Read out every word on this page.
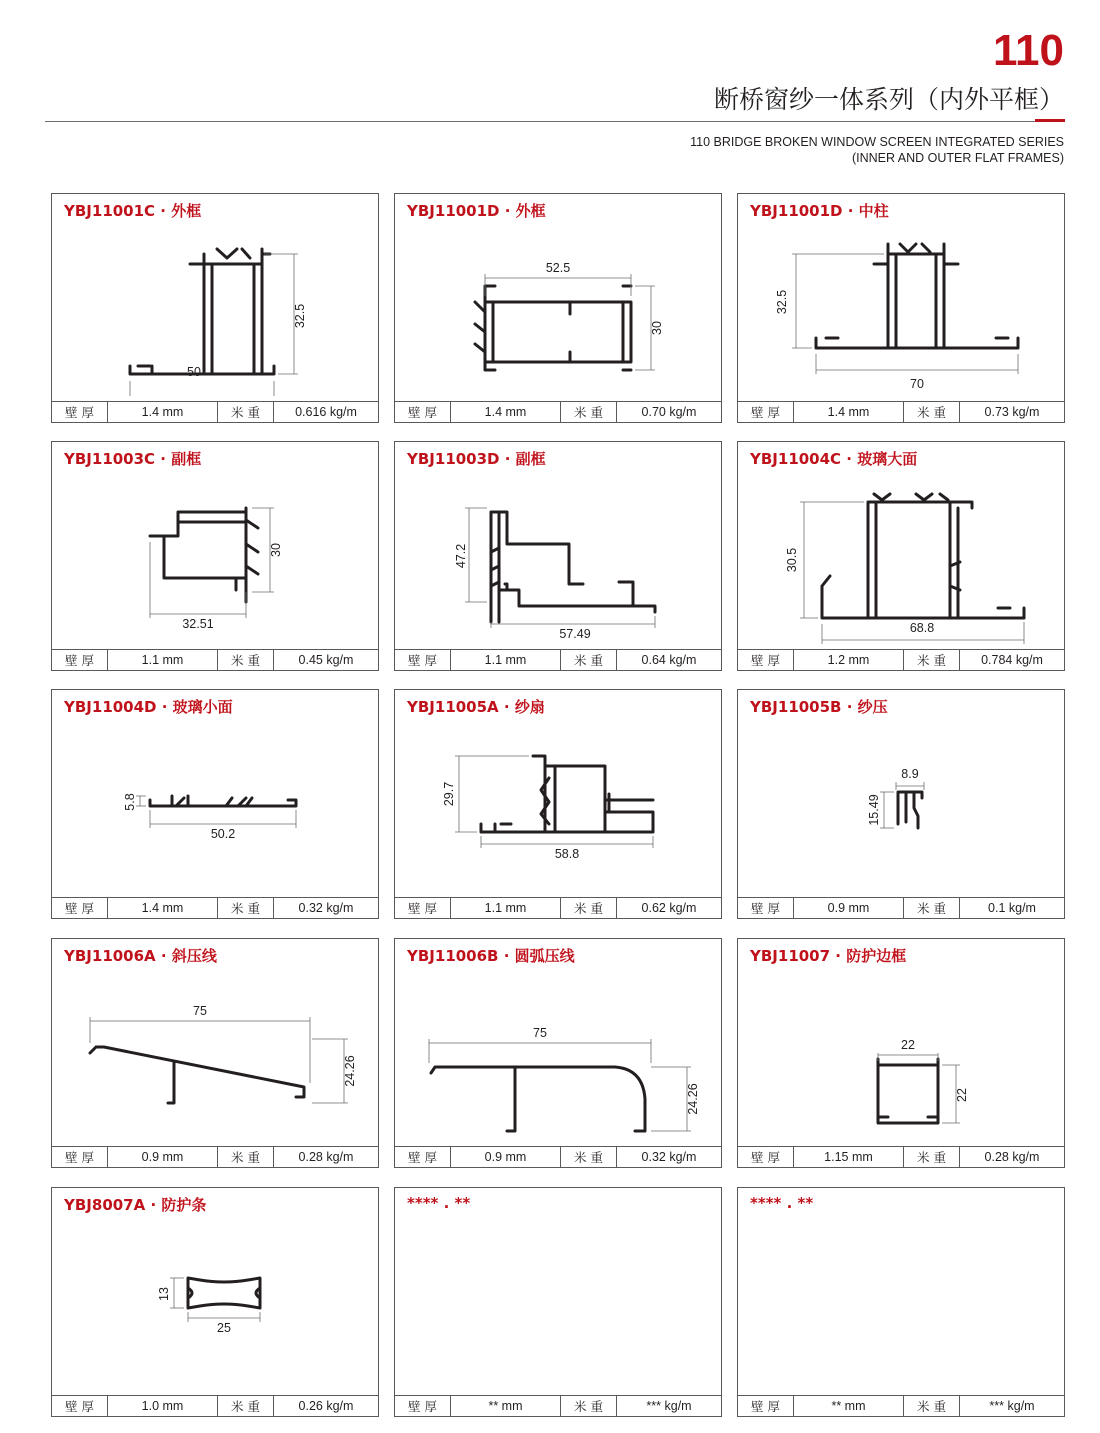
110
断桥窗纱一体系列（内外平框）
110 BRIDGE BROKEN WINDOW SCREEN INTEGRATED SERIES
(INNER AND OUTER FLAT FRAMES)
YBJ11001C · 外框
50
32.5
壁 厚	1.4 mm	米 重	0.616 kg/m
YBJ11001D · 外框
52.5
30
壁 厚	1.4 mm	米 重	0.70 kg/m
YBJ11001D · 中柱
32.5
70
壁 厚	1.4 mm	米 重	0.73 kg/m
YBJ11003C · 副框
32.51
30
壁 厚	1.1 mm	米 重	0.45 kg/m
YBJ11003D · 副框
47.2
57.49
壁 厚	1.1 mm	米 重	0.64 kg/m
YBJ11004C · 玻璃大面
30.5
68.8
壁 厚	1.2 mm	米 重	0.784 kg/m
YBJ11004D · 玻璃小面
5.8
50.2
壁 厚	1.4 mm	米 重	0.32 kg/m
YBJ11005A · 纱扇
29.7
58.8
壁 厚	1.1 mm	米 重	0.62 kg/m
YBJ11005B · 纱压
8.9
15.49
壁 厚	0.9 mm	米 重	0.1 kg/m
YBJ11006A · 斜压线
75
24.26
壁 厚	0.9 mm	米 重	0.28 kg/m
YBJ11006B · 圆弧压线
75
24.26
壁 厚	0.9 mm	米 重	0.32 kg/m
YBJ11007 · 防护边框
22
22
壁 厚	1.15 mm	米 重	0.28 kg/m
YBJ8007A · 防护条
13
25
壁 厚	1.0 mm	米 重	0.26 kg/m
**** . **
壁 厚	** mm	米 重	*** kg/m
**** . **
壁 厚	** mm	米 重	*** kg/m
